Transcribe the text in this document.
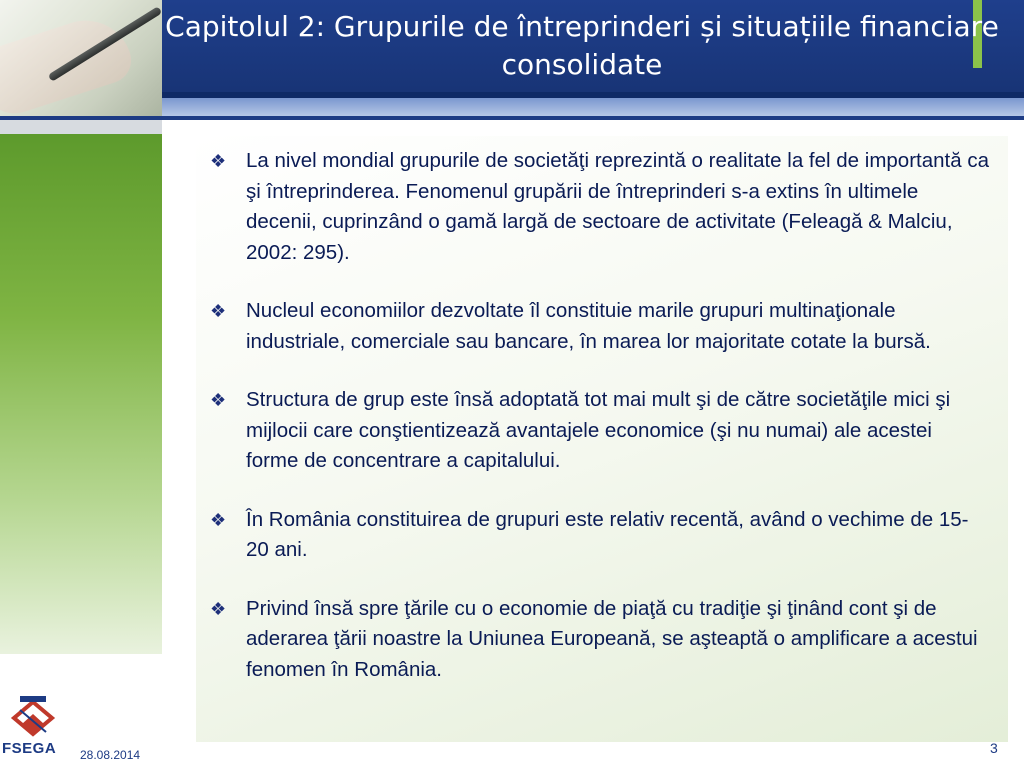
Capitolul 2: Grupurile de întreprinderi și situațiile financiare consolidate
❖ La nivel mondial grupurile de societăţi reprezintă o realitate la fel de importantă ca şi întreprinderea. Fenomenul grupării de întreprinderi s-a extins în ultimele decenii, cuprinzând o gamă largă de sectoare de activitate (Feleagă & Malciu, 2002: 295).
❖ Nucleul economiilor dezvoltate îl constituie marile grupuri multinaţionale industriale, comerciale sau bancare, în marea lor majoritate cotate la bursă.
❖ Structura de grup este însă adoptată tot mai mult şi de către societăţile mici şi mijlocii care conştientizează avantajele economice (şi nu numai) ale acestei forme de concentrare a capitalului.
❖ În România constituirea de grupuri este relativ recentă, având o vechime de 15-20 ani.
❖ Privind însă spre ţările cu o economie de piaţă cu tradiţie şi ţinând cont şi de aderarea ţării noastre la Uniunea Europeană, se aşteaptă o amplificare a acestui fenomen în România.
FSEGA 28.08.2014	3
